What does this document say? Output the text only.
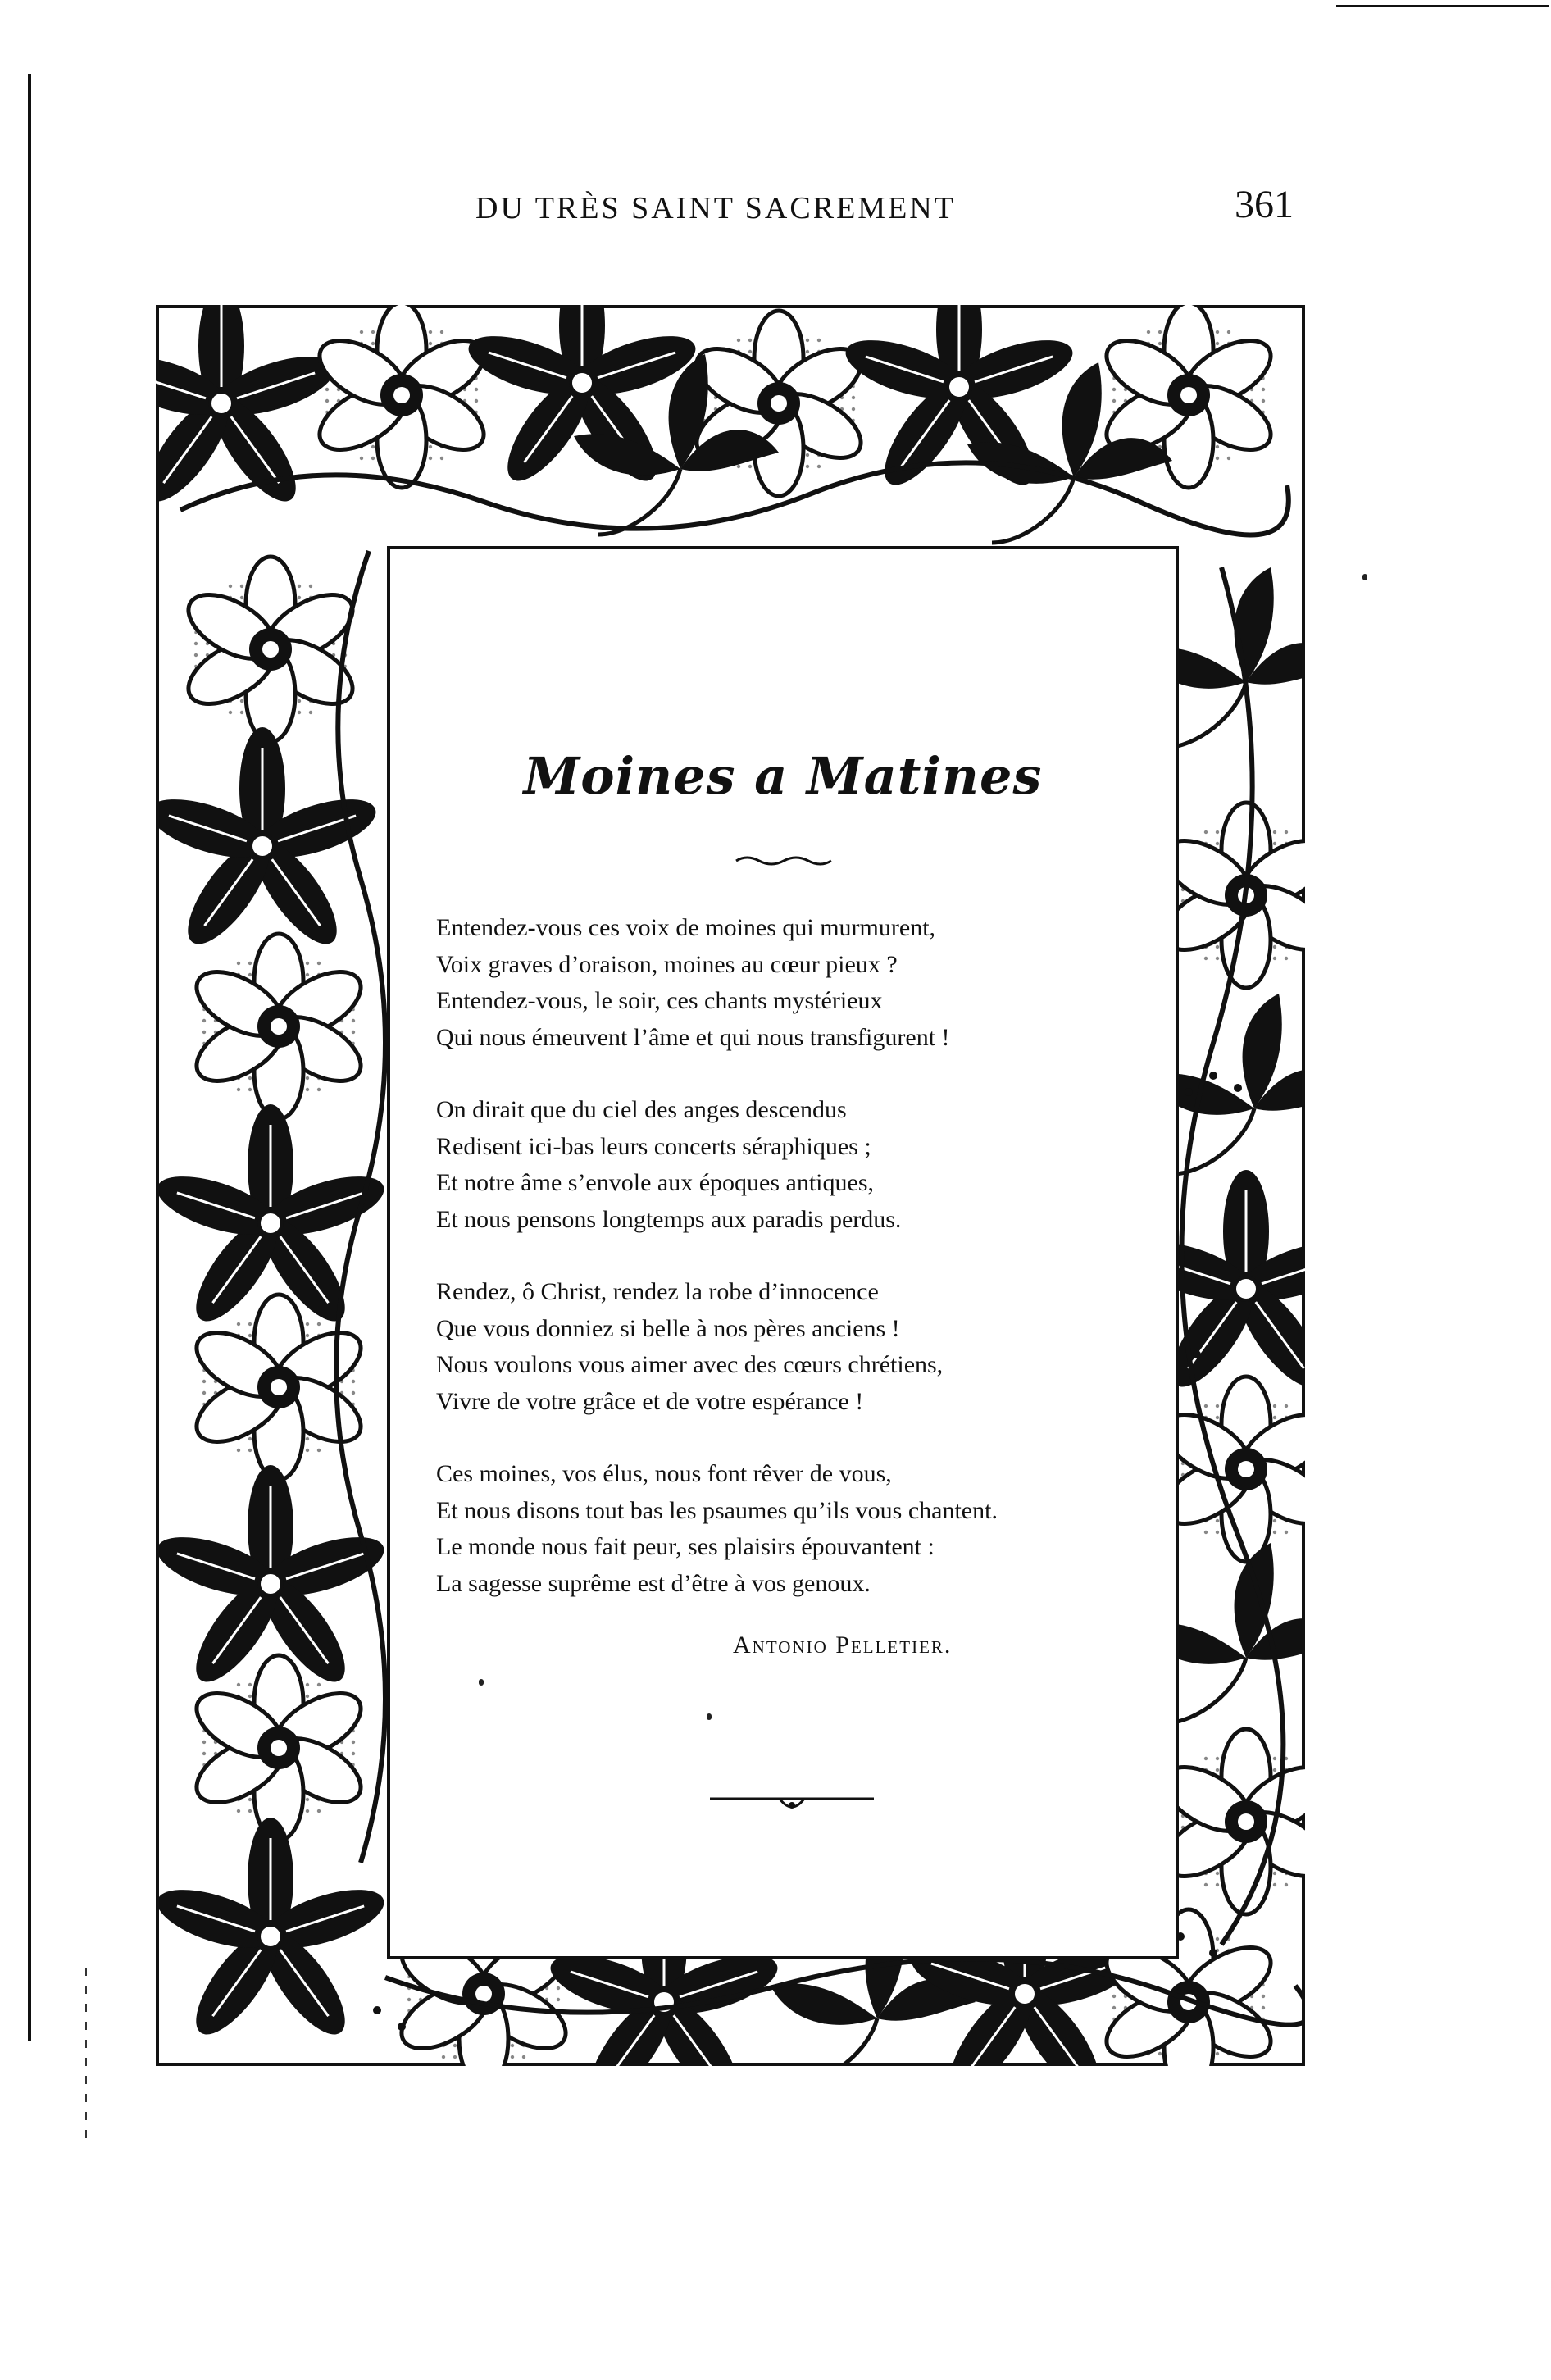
DU TRÈS SAINT SACREMENT	361
Moines a Matines
Entendez-vous ces voix de moines qui murmurent,
Voix graves d’oraison, moines au cœur pieux ?
Entendez-vous, le soir, ces chants mystérieux
Qui nous émeuvent l’âme et qui nous transfigurent !
On dirait que du ciel des anges descendus
Redisent ici-bas leurs concerts séraphiques ;
Et notre âme s’envole aux époques antiques,
Et nous pensons longtemps aux paradis perdus.
Rendez, ô Christ, rendez la robe d’innocence
Que vous donniez si belle à nos pères anciens !
Nous voulons vous aimer avec des cœurs chrétiens,
Vivre de votre grâce et de votre espérance !
Ces moines, vos élus, nous font rêver de vous,
Et nous disons tout bas les psaumes qu’ils vous chantent.
Le monde nous fait peur, ses plaisirs épouvantent :
La sagesse suprême est d’être à vos genoux.
Antonio Pelletier.
